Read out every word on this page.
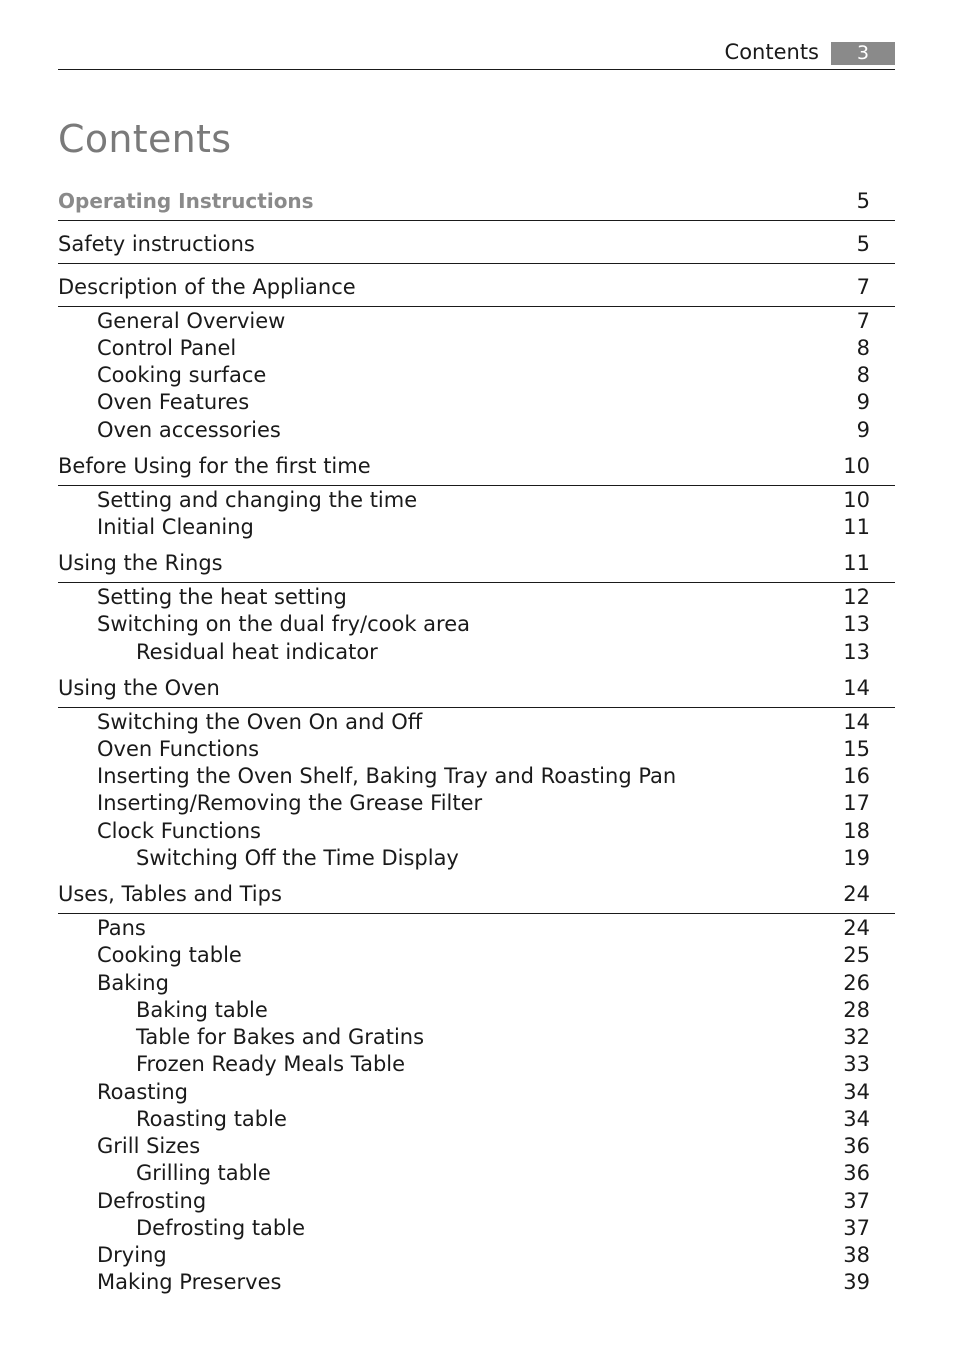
Contents	3
Contents
Operating Instructions	5
Safety instructions	5
Description of the Appliance	7
General Overview	7
Control Panel	8
Cooking surface	8
Oven Features	9
Oven accessories	9
Before Using for the first time	10
Setting and changing the time	10
Initial Cleaning	11
Using the Rings	11
Setting the heat setting	12
Switching on the dual fry/cook area	13
Residual heat indicator	13
Using the Oven	14
Switching the Oven On and Off	14
Oven Functions	15
Inserting the Oven Shelf, Baking Tray and Roasting Pan	16
Inserting/Removing the Grease Filter	17
Clock Functions	18
Switching Off the Time Display	19
Uses, Tables and Tips	24
Pans	24
Cooking table	25
Baking	26
Baking table	28
Table for Bakes and Gratins	32
Frozen Ready Meals Table	33
Roasting	34
Roasting table	34
Grill Sizes	36
Grilling table	36
Defrosting	37
Defrosting table	37
Drying	38
Making Preserves	39
